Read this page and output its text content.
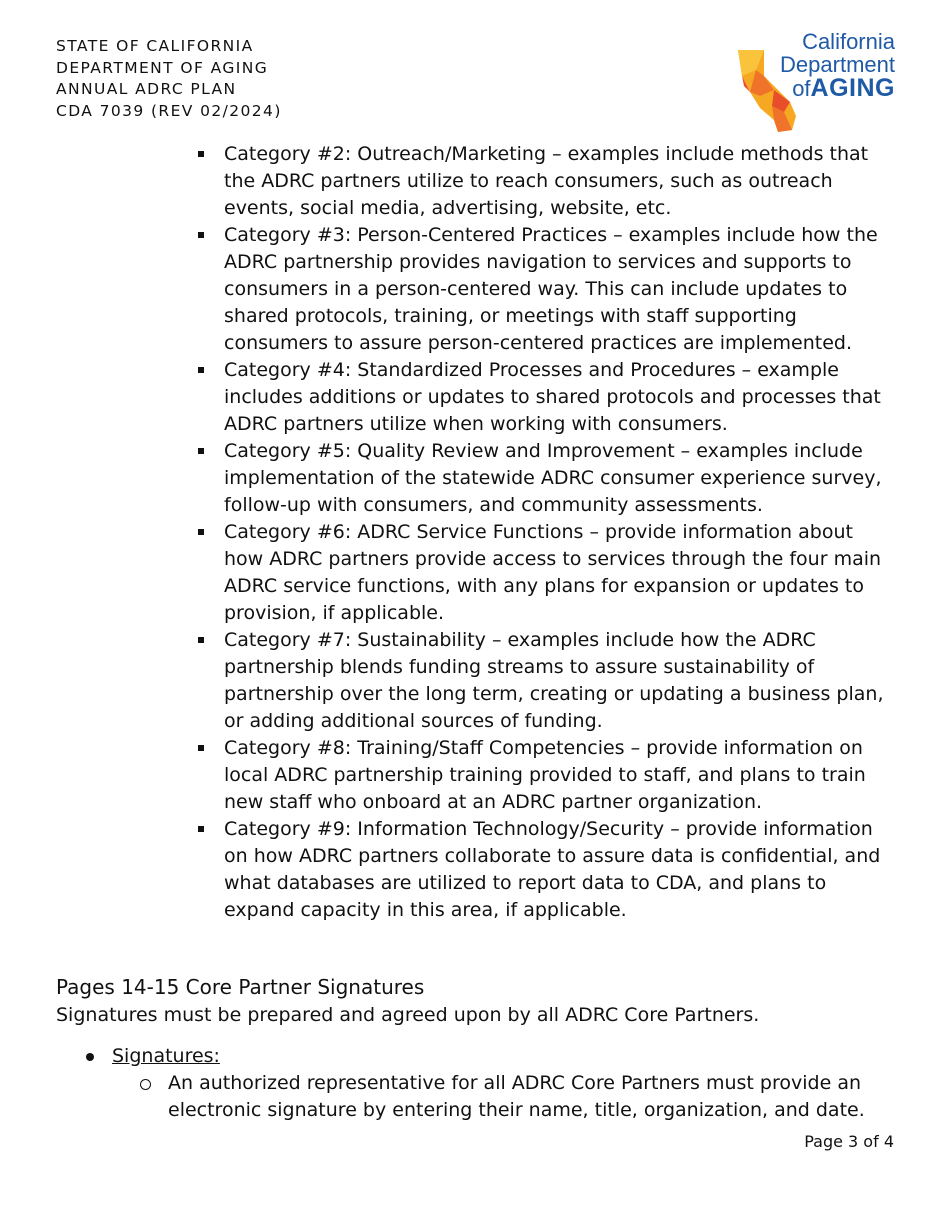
STATE OF CALIFORNIA
DEPARTMENT OF AGING
ANNUAL ADRC PLAN
CDA 7039 (REV 02/2024)
California
Department
ofAGING
Category #2: Outreach/Marketing – examples include methods that the ADRC partners utilize to reach consumers, such as outreach events, social media, advertising, website, etc.
Category #3: Person-Centered Practices – examples include how the ADRC partnership provides navigation to services and supports to consumers in a person-centered way. This can include updates to shared protocols, training, or meetings with staff supporting consumers to assure person-centered practices are implemented.
Category #4: Standardized Processes and Procedures – example includes additions or updates to shared protocols and processes that ADRC partners utilize when working with consumers.
Category #5: Quality Review and Improvement – examples include implementation of the statewide ADRC consumer experience survey, follow-up with consumers, and community assessments.
Category #6: ADRC Service Functions – provide information about how ADRC partners provide access to services through the four main ADRC service functions, with any plans for expansion or updates to provision, if applicable.
Category #7: Sustainability – examples include how the ADRC partnership blends funding streams to assure sustainability of partnership over the long term, creating or updating a business plan, or adding additional sources of funding.
Category #8: Training/Staff Competencies – provide information on local ADRC partnership training provided to staff, and plans to train new staff who onboard at an ADRC partner organization.
Category #9: Information Technology/Security – provide information on how ADRC partners collaborate to assure data is confidential, and what databases are utilized to report data to CDA, and plans to expand capacity in this area, if applicable.
Pages 14-15 Core Partner Signatures
Signatures must be prepared and agreed upon by all ADRC Core Partners.
Signatures:
An authorized representative for all ADRC Core Partners must provide an electronic signature by entering their name, title, organization, and date.
Page 3 of 4
